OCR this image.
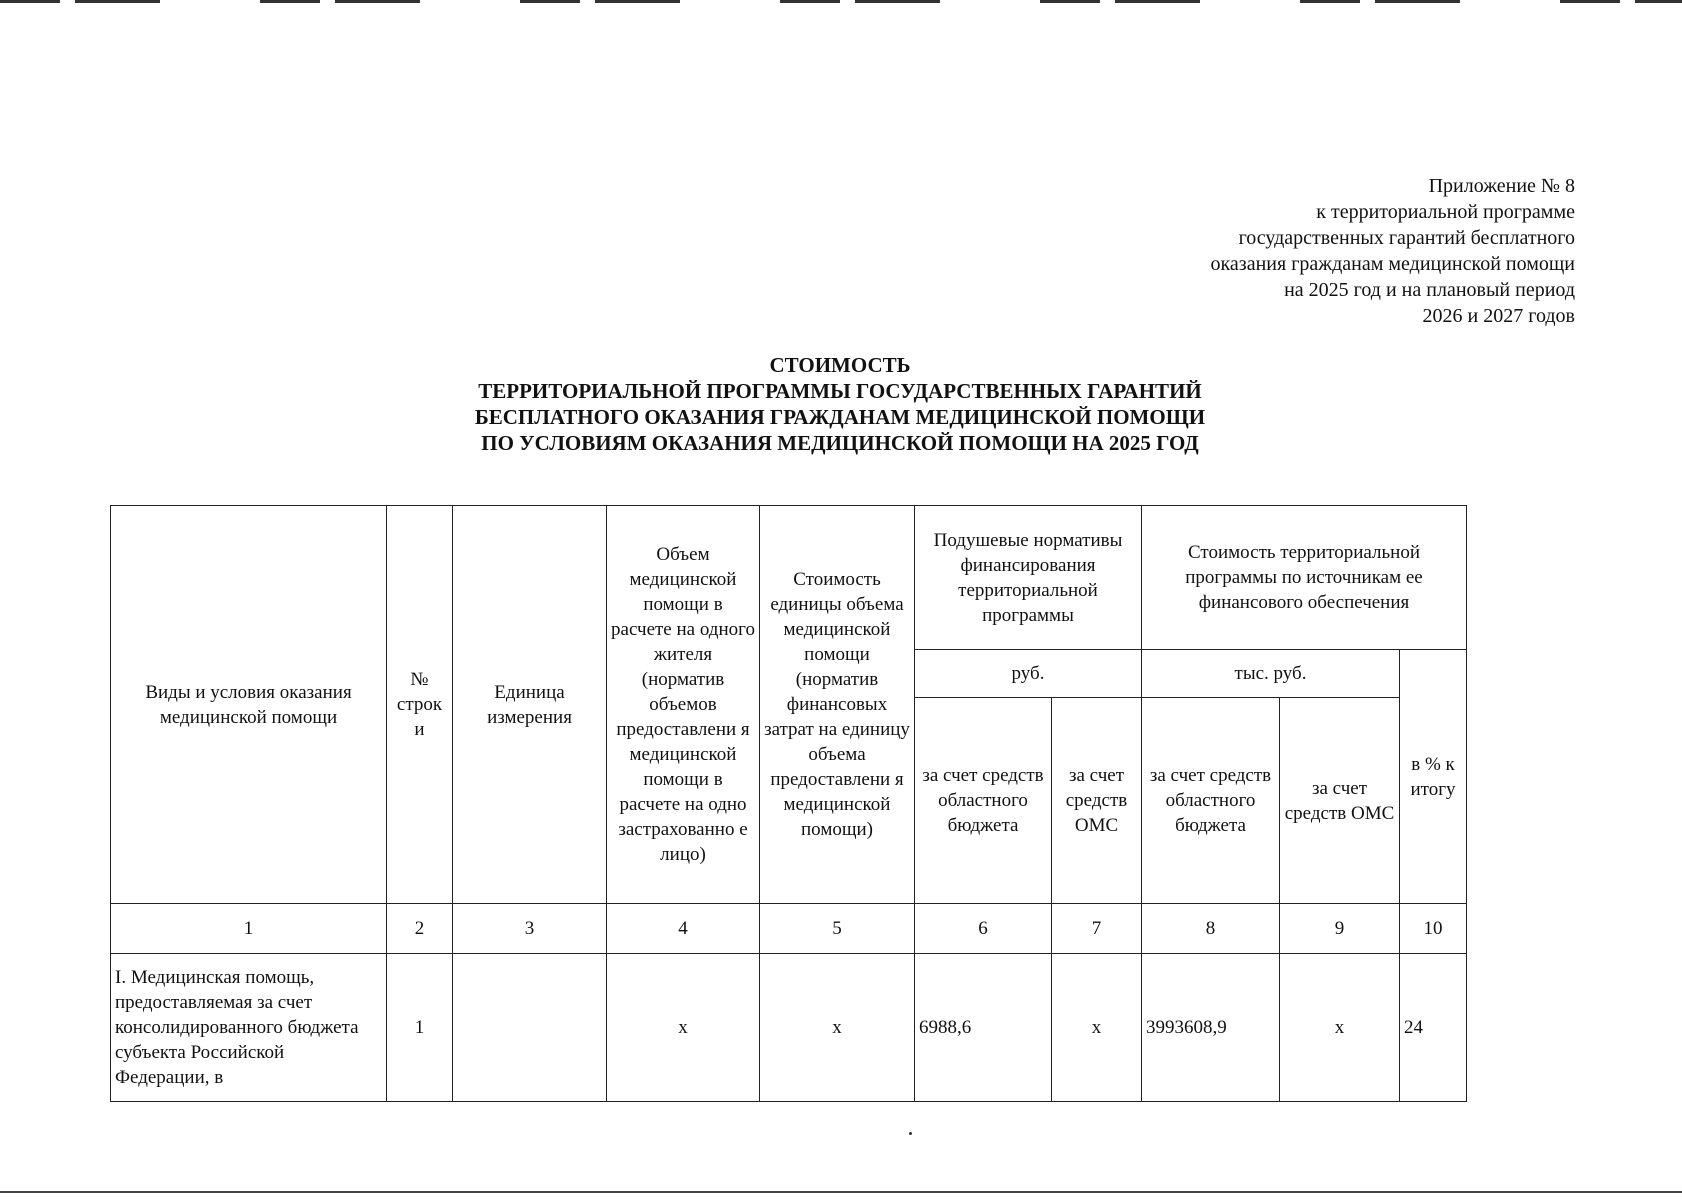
Приложение № 8
к территориальной программе
государственных гарантий бесплатного
оказания гражданам медицинской помощи
на 2025 год и на плановый период
2026 и 2027 годов
СТОИМОСТЬ
ТЕРРИТОРИАЛЬНОЙ ПРОГРАММЫ ГОСУДАРСТВЕННЫХ ГАРАНТИЙ
БЕСПЛАТНОГО ОКАЗАНИЯ ГРАЖДАНАМ МЕДИЦИНСКОЙ ПОМОЩИ
ПО УСЛОВИЯМ ОКАЗАНИЯ МЕДИЦИНСКОЙ ПОМОЩИ НА 2025 ГОД
Виды и условия оказания медицинской помощи	№ строк и	Единица измерения	Объем медицинской помощи в расчете на одного жителя (норматив объемов предоставлени я медицинской помощи в расчете на одно застрахованно е лицо)	Стоимость единицы объема медицинской помощи (норматив финансовых затрат на единицу объема предоставлени я медицинской помощи)	Подушевые нормативы финансирования территориальной программы		Стоимость территориальной программы по источникам ее финансового обеспечения		
					руб.		тыс. руб.		в % к итогу
					за счет средств областного бюджета	за счет средств ОМС	за счет средств областного бюджета	за счет средств ОМС	
1	2	3	4	5	6	7	8	9	10
I. Медицинская помощь, предоставляемая за счет консолидированного бюджета субъекта Российской Федерации, в	1		x	x	6988,6	x	3993608,9	x	24
